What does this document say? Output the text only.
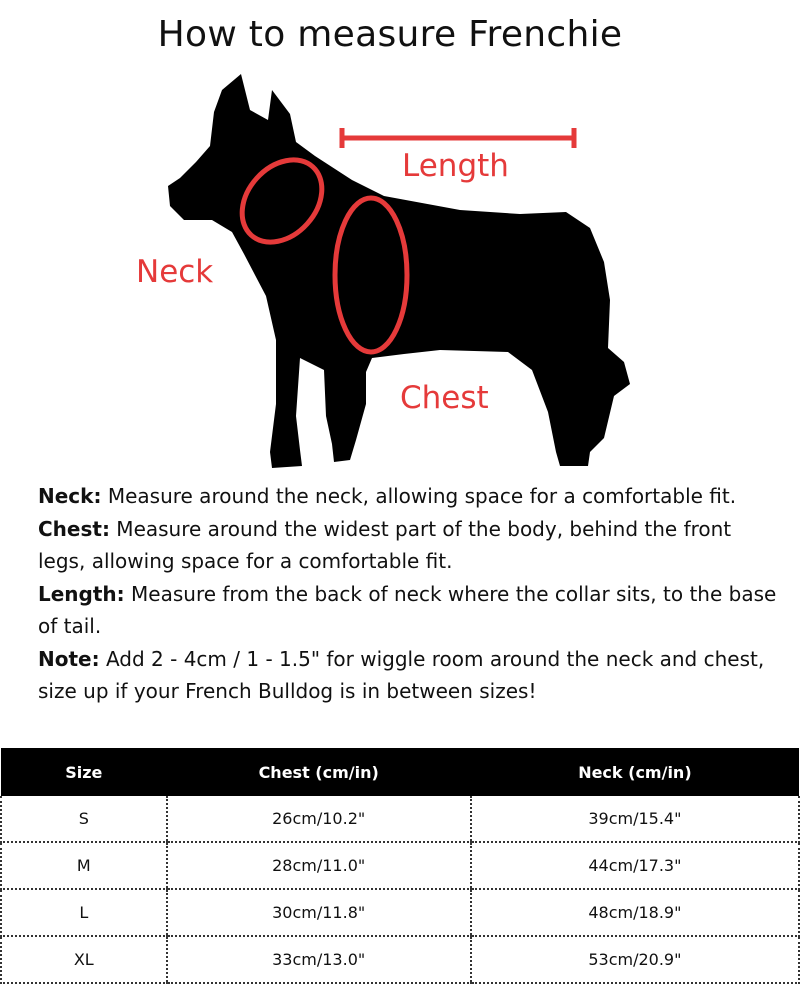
How to measure Frenchie
Neck
Length
Chest

Neck: Measure around the neck, allowing space for a comfortable fit.

Chest: Measure around the widest part of the body, behind the front legs, allowing space for a comfortable fit.

Length: Measure from the back of neck where the collar sits, to the base of tail.

Note: Add 2 - 4cm / 1 - 1.5" for wiggle room around the neck and chest, size up if your French Bulldog is in between sizes!

Size	Chest (cm/in)	Neck (cm/in)
S	26cm/10.2"	39cm/15.4"
M	28cm/11.0"	44cm/17.3"
L	30cm/11.8"	48cm/18.9"
XL	33cm/13.0"	53cm/20.9"
